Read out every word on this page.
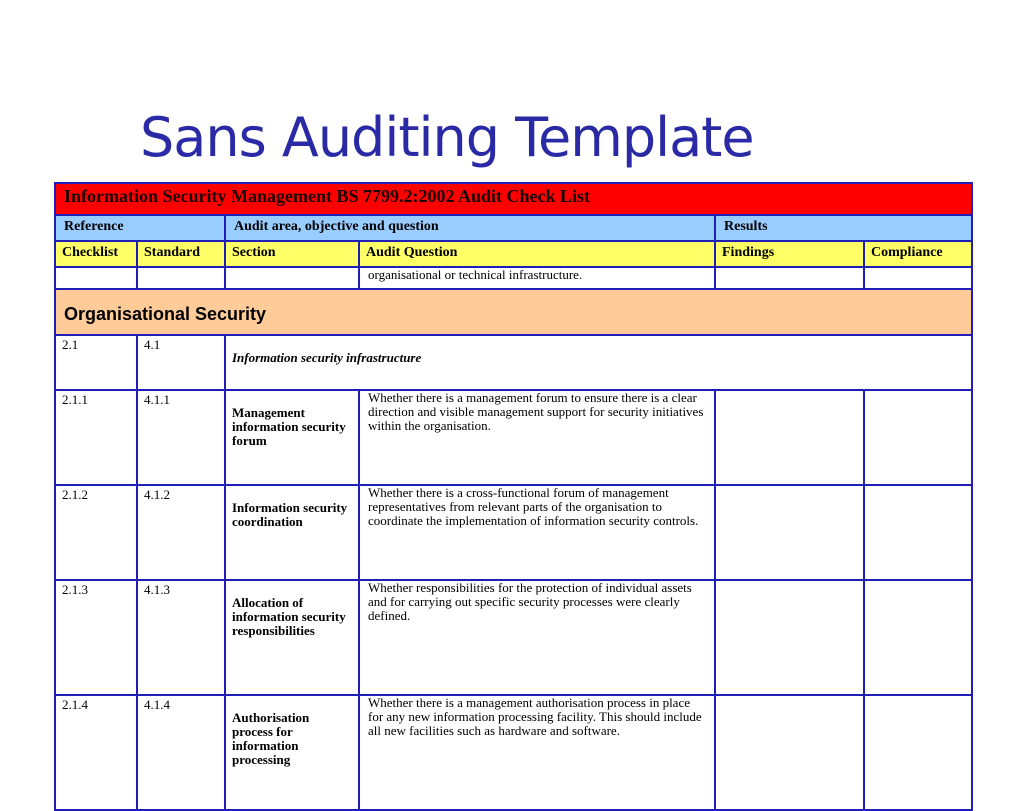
Sans Auditing Template
Information Security Management BS 7799.2:2002 Audit Check List					
Reference		Audit area, objective and question		Results	
Checklist	Standard	Section	Audit Question	Findings	Compliance
			organisational or technical infrastructure.		
Organisational Security					
2.1	4.1	Information security infrastructure			
2.1.1	4.1.1	Management information security forum	Whether there is a management forum to ensure there is a clear direction and visible management support for security initiatives within the organisation.		
2.1.2	4.1.2	Information security coordination	Whether there is a cross-functional forum of management representatives from relevant parts of the organisation to coordinate the implementation of information security controls.		
2.1.3	4.1.3	Allocation of information security responsibilities	Whether responsibilities for the protection of individual assets and for carrying out specific security processes were clearly defined.		
2.1.4	4.1.4	Authorisation process for information processing	Whether there is a management authorisation process in place for any new information processing facility. This should include all new facilities such as hardware and software.		
